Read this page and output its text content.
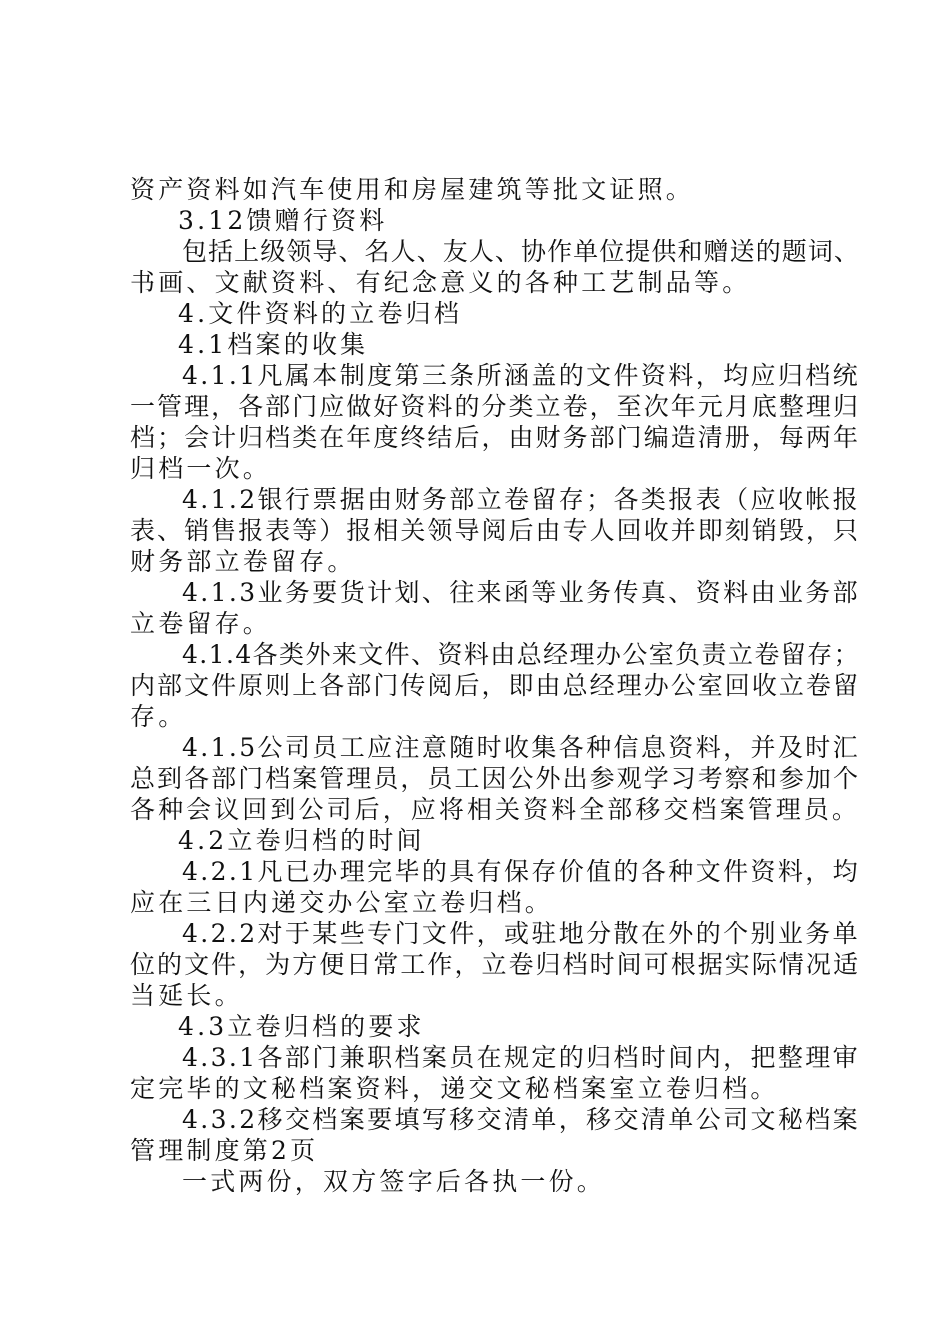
资产资料如汽车使用和房屋建筑等批文证照。
3.12馈赠行资料
包括上级领导、名人、友人、协作单位提供和赠送的题词、
书画、文献资料、有纪念意义的各种工艺制品等。
4.文件资料的立卷归档
4.1档案的收集
4.1.1凡属本制度第三条所涵盖的文件资料，均应归档统
一管理，各部门应做好资料的分类立卷，至次年元月底整理归
档；会计归档类在年度终结后，由财务部门编造清册，每两年
归档一次。
4.1.2银行票据由财务部立卷留存；各类报表（应收帐报
表、销售报表等）报相关领导阅后由专人回收并即刻销毁，只
财务部立卷留存。
4.1.3业务要货计划、往来函等业务传真、资料由业务部
立卷留存。
4.1.4各类外来文件、资料由总经理办公室负责立卷留存；
内部文件原则上各部门传阅后，即由总经理办公室回收立卷留
存。
4.1.5公司员工应注意随时收集各种信息资料，并及时汇
总到各部门档案管理员，员工因公外出参观学习考察和参加个
各种会议回到公司后，应将相关资料全部移交档案管理员。
4.2立卷归档的时间
4.2.1凡已办理完毕的具有保存价值的各种文件资料，均
应在三日内递交办公室立卷归档。
4.2.2对于某些专门文件，或驻地分散在外的个别业务单
位的文件，为方便日常工作，立卷归档时间可根据实际情况适
当延长。
4.3立卷归档的要求
4.3.1各部门兼职档案员在规定的归档时间内，把整理审
定完毕的文秘档案资料，递交文秘档案室立卷归档。
4.3.2移交档案要填写移交清单，移交清单公司文秘档案
管理制度第2页
一式两份，双方签字后各执一份。
